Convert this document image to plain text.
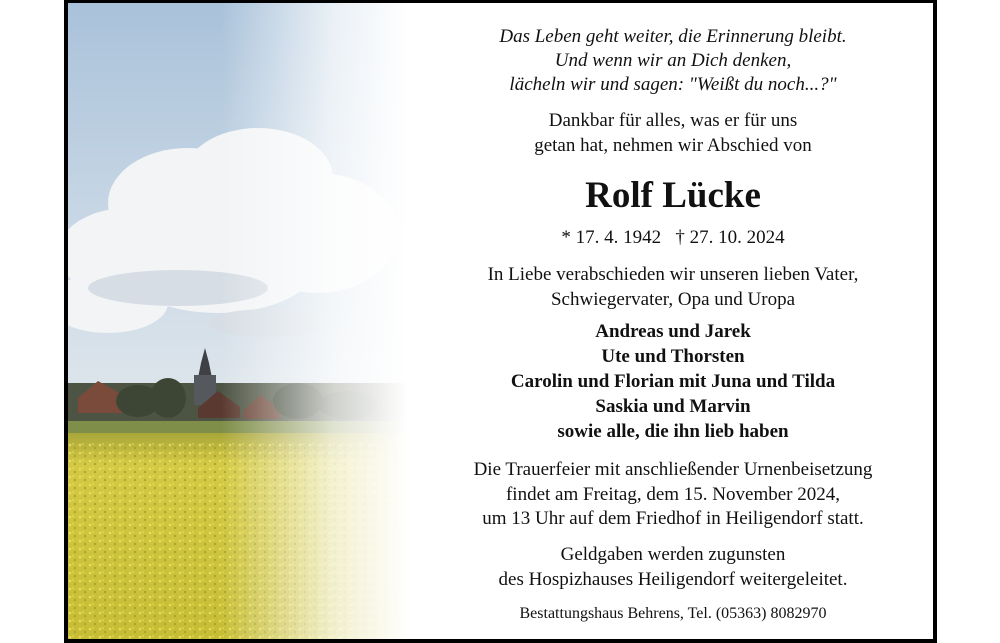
Das Leben geht weiter, die Erinnerung bleibt.
Und wenn wir an Dich denken,
lächeln wir und sagen: "Weißt du noch...?"
Dankbar für alles, was er für uns
getan hat, nehmen wir Abschied von
Rolf Lücke
* 17. 4. 1942   † 27. 10. 2024
In Liebe verabschieden wir unseren lieben Vater,
Schwiegervater, Opa und Uropa
Andreas und Jarek
Ute und Thorsten
Carolin und Florian mit Juna und Tilda
Saskia und Marvin
sowie alle, die ihn lieb haben
Die Trauerfeier mit anschließender Urnenbeisetzung
findet am Freitag, dem 15. November 2024,
um 13 Uhr auf dem Friedhof in Heiligendorf statt.
Geldgaben werden zugunsten
des Hospizhauses Heiligendorf weitergeleitet.
Bestattungshaus Behrens, Tel. (05363) 8082970
